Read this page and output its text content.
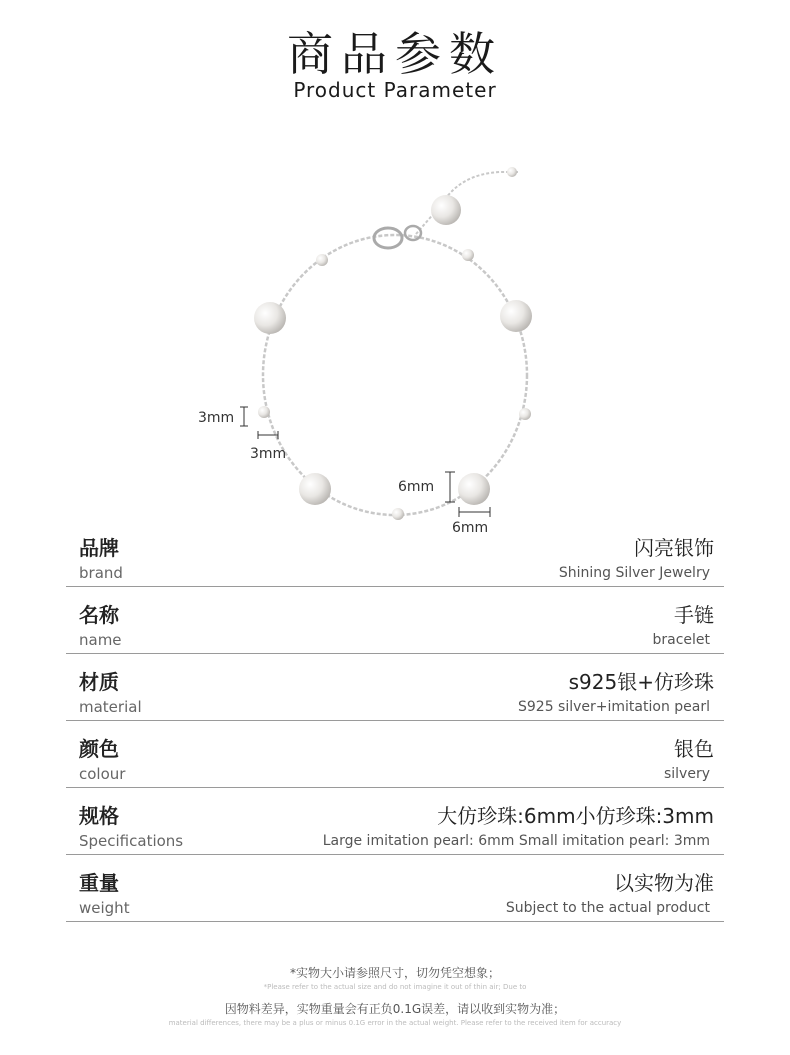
商品参数
Product Parameter
3mm
3mm
6mm
6mm
品牌
brand
闪亮银饰
Shining Silver Jewelry
名称
name
手链
bracelet
材质
material
s925银+仿珍珠
S925 silver+imitation pearl
颜色
colour
银色
silvery
规格
Specifications
大仿珍珠:6mm小仿珍珠:3mm
Large imitation pearl: 6mm Small imitation pearl: 3mm
重量
weight
以实物为准
Subject to the actual product
*实物大小请参照尺寸，切勿凭空想象；
*Please refer to the actual size and do not imagine it out of thin air; Due to
因物料差异，实物重量会有正负0.1G误差，请以收到实物为准；
material differences, there may be a plus or minus 0.1G error in the actual weight. Please refer to the received item for accuracy
